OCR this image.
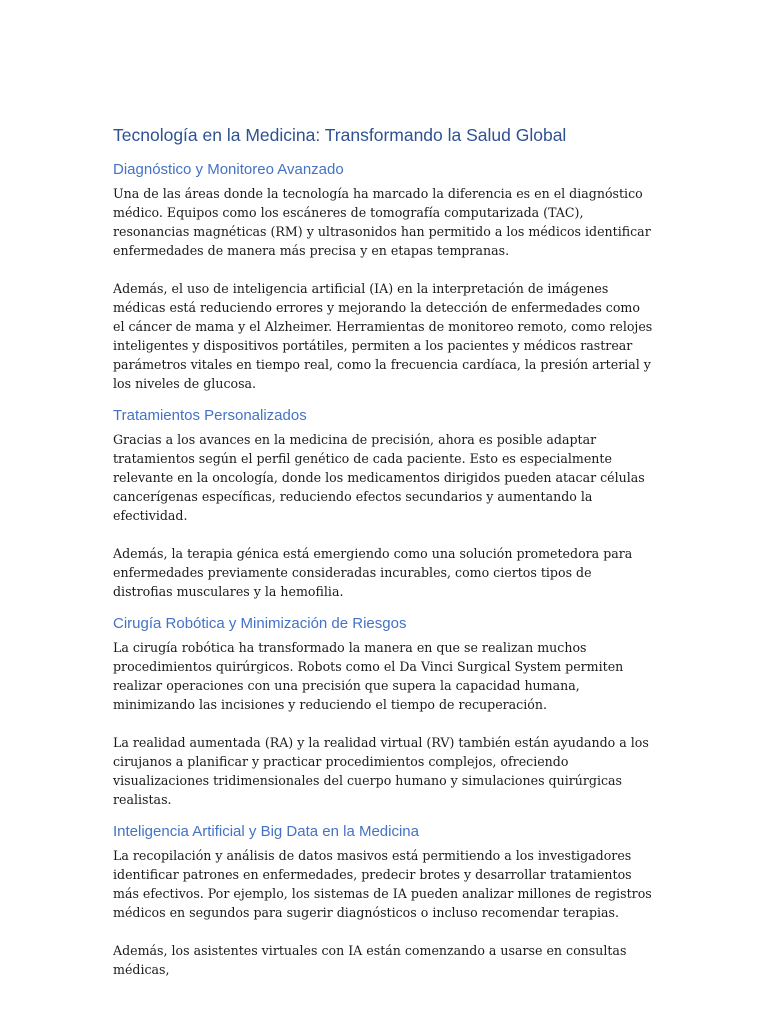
Tecnología en la Medicina: Transformando la Salud Global
Diagnóstico y Monitoreo Avanzado

Una de las áreas donde la tecnología ha marcado la diferencia es en el diagnóstico médico. Equipos como los escáneres de tomografía computarizada (TAC), resonancias magnéticas (RM) y ultrasonidos han permitido a los médicos identificar enfermedades de manera más precisa y en etapas tempranas.

Además, el uso de inteligencia artificial (IA) en la interpretación de imágenes médicas está reduciendo errores y mejorando la detección de enfermedades como el cáncer de mama y el Alzheimer. Herramientas de monitoreo remoto, como relojes inteligentes y dispositivos portátiles, permiten a los pacientes y médicos rastrear parámetros vitales en tiempo real, como la frecuencia cardíaca, la presión arterial y los niveles de glucosa.

Tratamientos Personalizados

Gracias a los avances en la medicina de precisión, ahora es posible adaptar tratamientos según el perfil genético de cada paciente. Esto es especialmente relevante en la oncología, donde los medicamentos dirigidos pueden atacar células cancerígenas específicas, reduciendo efectos secundarios y aumentando la efectividad.

Además, la terapia génica está emergiendo como una solución prometedora para enfermedades previamente consideradas incurables, como ciertos tipos de distrofias musculares y la hemofilia.

Cirugía Robótica y Minimización de Riesgos

La cirugía robótica ha transformado la manera en que se realizan muchos procedimientos quirúrgicos. Robots como el Da Vinci Surgical System permiten realizar operaciones con una precisión que supera la capacidad humana, minimizando las incisiones y reduciendo el tiempo de recuperación.

La realidad aumentada (RA) y la realidad virtual (RV) también están ayudando a los cirujanos a planificar y practicar procedimientos complejos, ofreciendo visualizaciones tridimensionales del cuerpo humano y simulaciones quirúrgicas realistas.

Inteligencia Artificial y Big Data en la Medicina

La recopilación y análisis de datos masivos está permitiendo a los investigadores identificar patrones en enfermedades, predecir brotes y desarrollar tratamientos más efectivos. Por ejemplo, los sistemas de IA pueden analizar millones de registros médicos en segundos para sugerir diagnósticos o incluso recomendar terapias.

Además, los asistentes virtuales con IA están comenzando a usarse en consultas médicas,
